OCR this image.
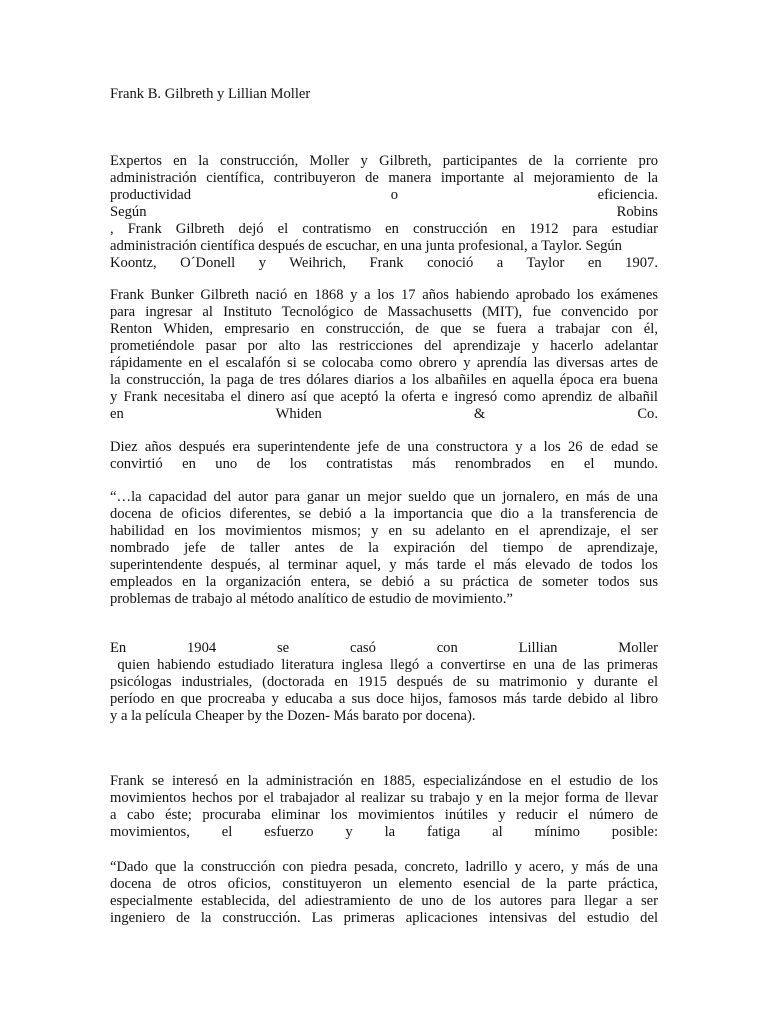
Frank B. Gilbreth y Lillian Moller
Expertos en la construcción, Moller y Gilbreth, participantes de la corriente pro
administración científica, contribuyeron de manera importante al mejoramiento de la
productividad o eficiencia.
Según Robins
, Frank Gilbreth dejó el contratismo en construcción en 1912 para estudiar
administración científica después de escuchar, en una junta profesional, a Taylor. Según
Koontz, O´Donell y Weihrich, Frank conoció a Taylor en 1907.
Frank Bunker Gilbreth nació en 1868 y a los 17 años habiendo aprobado los exámenes
para ingresar al Instituto Tecnológico de Massachusetts (MIT), fue convencido por
Renton Whiden, empresario en construcción, de que se fuera a trabajar con él,
prometiéndole pasar por alto las restricciones del aprendizaje y hacerlo adelantar
rápidamente en el escalafón si se colocaba como obrero y aprendía las diversas artes de
la construcción, la paga de tres dólares diarios a los albañiles en aquella época era buena
y Frank necesitaba el dinero así que aceptó la oferta e ingresó como aprendiz de albañil
en Whiden & Co.
Diez años después era superintendente jefe de una constructora y a los 26 de edad se
convirtió en uno de los contratistas más renombrados en el mundo.
“…la capacidad del autor para ganar un mejor sueldo que un jornalero, en más de una
docena de oficios diferentes, se debió a la importancia que dio a la transferencia de
habilidad en los movimientos mismos; y en su adelanto en el aprendizaje, el ser
nombrado jefe de taller antes de la expiración del tiempo de aprendizaje,
superintendente después, al terminar aquel, y más tarde el más elevado de todos los
empleados en la organización entera, se debió a su práctica de someter todos sus
problemas de trabajo al método analítico de estudio de movimiento.”
En 1904 se casó con Lillian Moller
quien habiendo estudiado literatura inglesa llegó a convertirse en una de las primeras
psicólogas industriales, (doctorada en 1915 después de su matrimonio y durante el
período en que procreaba y educaba a sus doce hijos, famosos más tarde debido al libro
y a la película Cheaper by the Dozen- Más barato por docena).
Frank se interesó en la administración en 1885, especializándose en el estudio de los
movimientos hechos por el trabajador al realizar su trabajo y en la mejor forma de llevar
a cabo éste; procuraba eliminar los movimientos inútiles y reducir el número de
movimientos, el esfuerzo y la fatiga al mínimo posible:
“Dado que la construcción con piedra pesada, concreto, ladrillo y acero, y más de una
docena de otros oficios, constituyeron un elemento esencial de la parte práctica,
especialmente establecida, del adiestramiento de uno de los autores para llegar a ser
ingeniero de la construcción. Las primeras aplicaciones intensivas del estudio del
